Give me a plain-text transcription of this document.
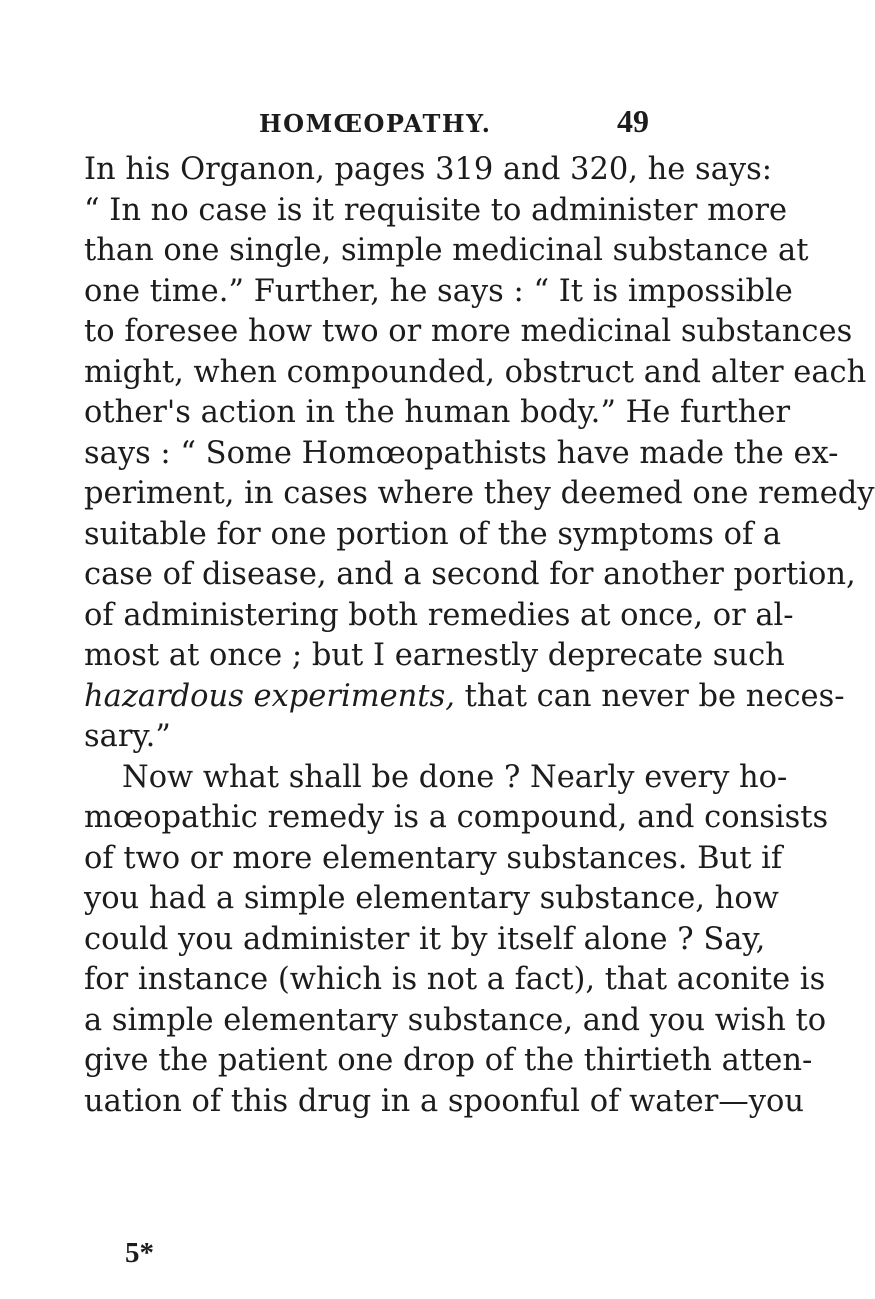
HOMŒOPATHY.	49
In his Organon, pages 319 and 320, he says:
“ In no case is it requisite to administer more
than one single, simple medicinal substance at
one time.” Further, he says : “ It is impossible
to foresee how two or more medicinal substances
might, when compounded, obstruct and alter each
other's action in the human body.” He further
says : “ Some Homœopathists have made the ex-
periment, in cases where they deemed one remedy
suitable for one portion of the symptoms of a
case of disease, and a second for another portion,
of administering both remedies at once, or al-
most at once ; but I earnestly deprecate such
hazardous experiments, that can never be neces-
sary.”
Now what shall be done ? Nearly every ho-
mœopathic remedy is a compound, and consists
of two or more elementary substances. But if
you had a simple elementary substance, how
could you administer it by itself alone ? Say,
for instance (which is not a fact), that aconite is
a simple elementary substance, and you wish to
give the patient one drop of the thirtieth atten-
uation of this drug in a spoonful of water—you
5*
